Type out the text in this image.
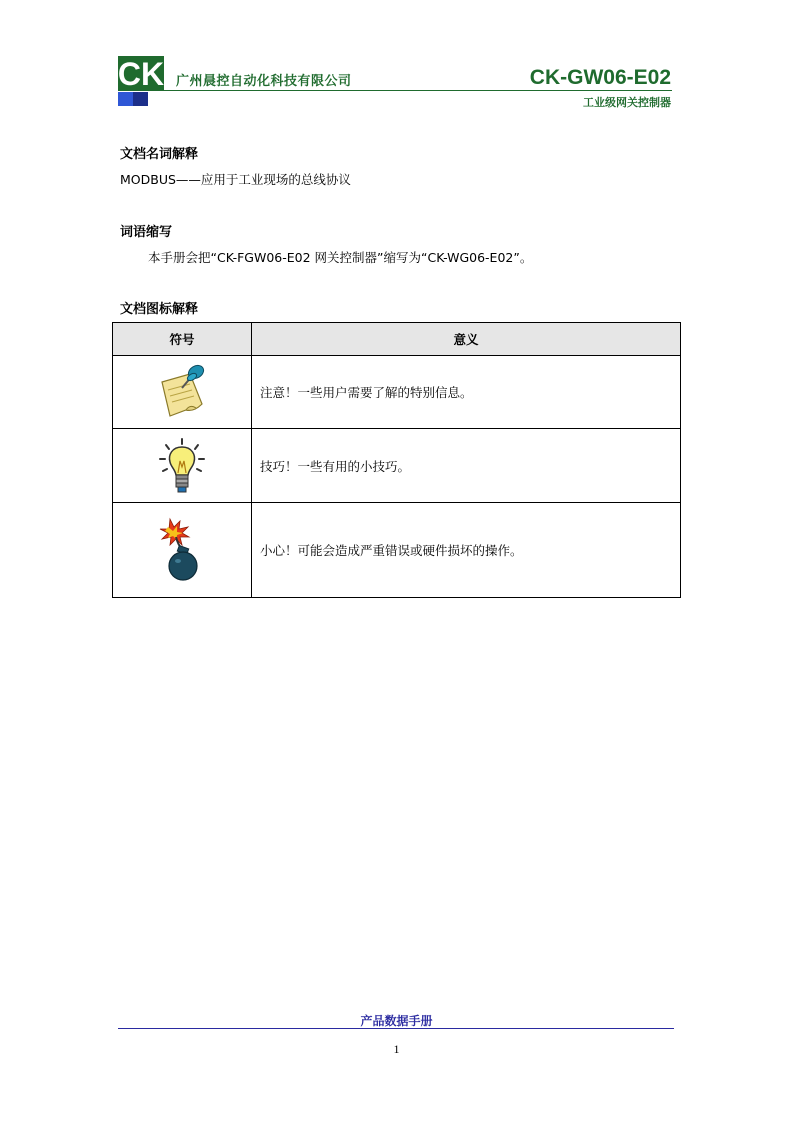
CK 广州晨控自动化科技有限公司	CK-GW06-E02
工业级网关控制器
文档名词解释
MODBUS——应用于工业现场的总线协议
词语缩写
本手册会把“CK-FGW06-E02 网关控制器”缩写为“CK-WG06-E02”。
文档图标解释
符号	意义
	注意！一些用户需要了解的特别信息。
	技巧！一些有用的小技巧。
	小心！可能会造成严重错误或硬件损坏的操作。
产品数据手册
1
